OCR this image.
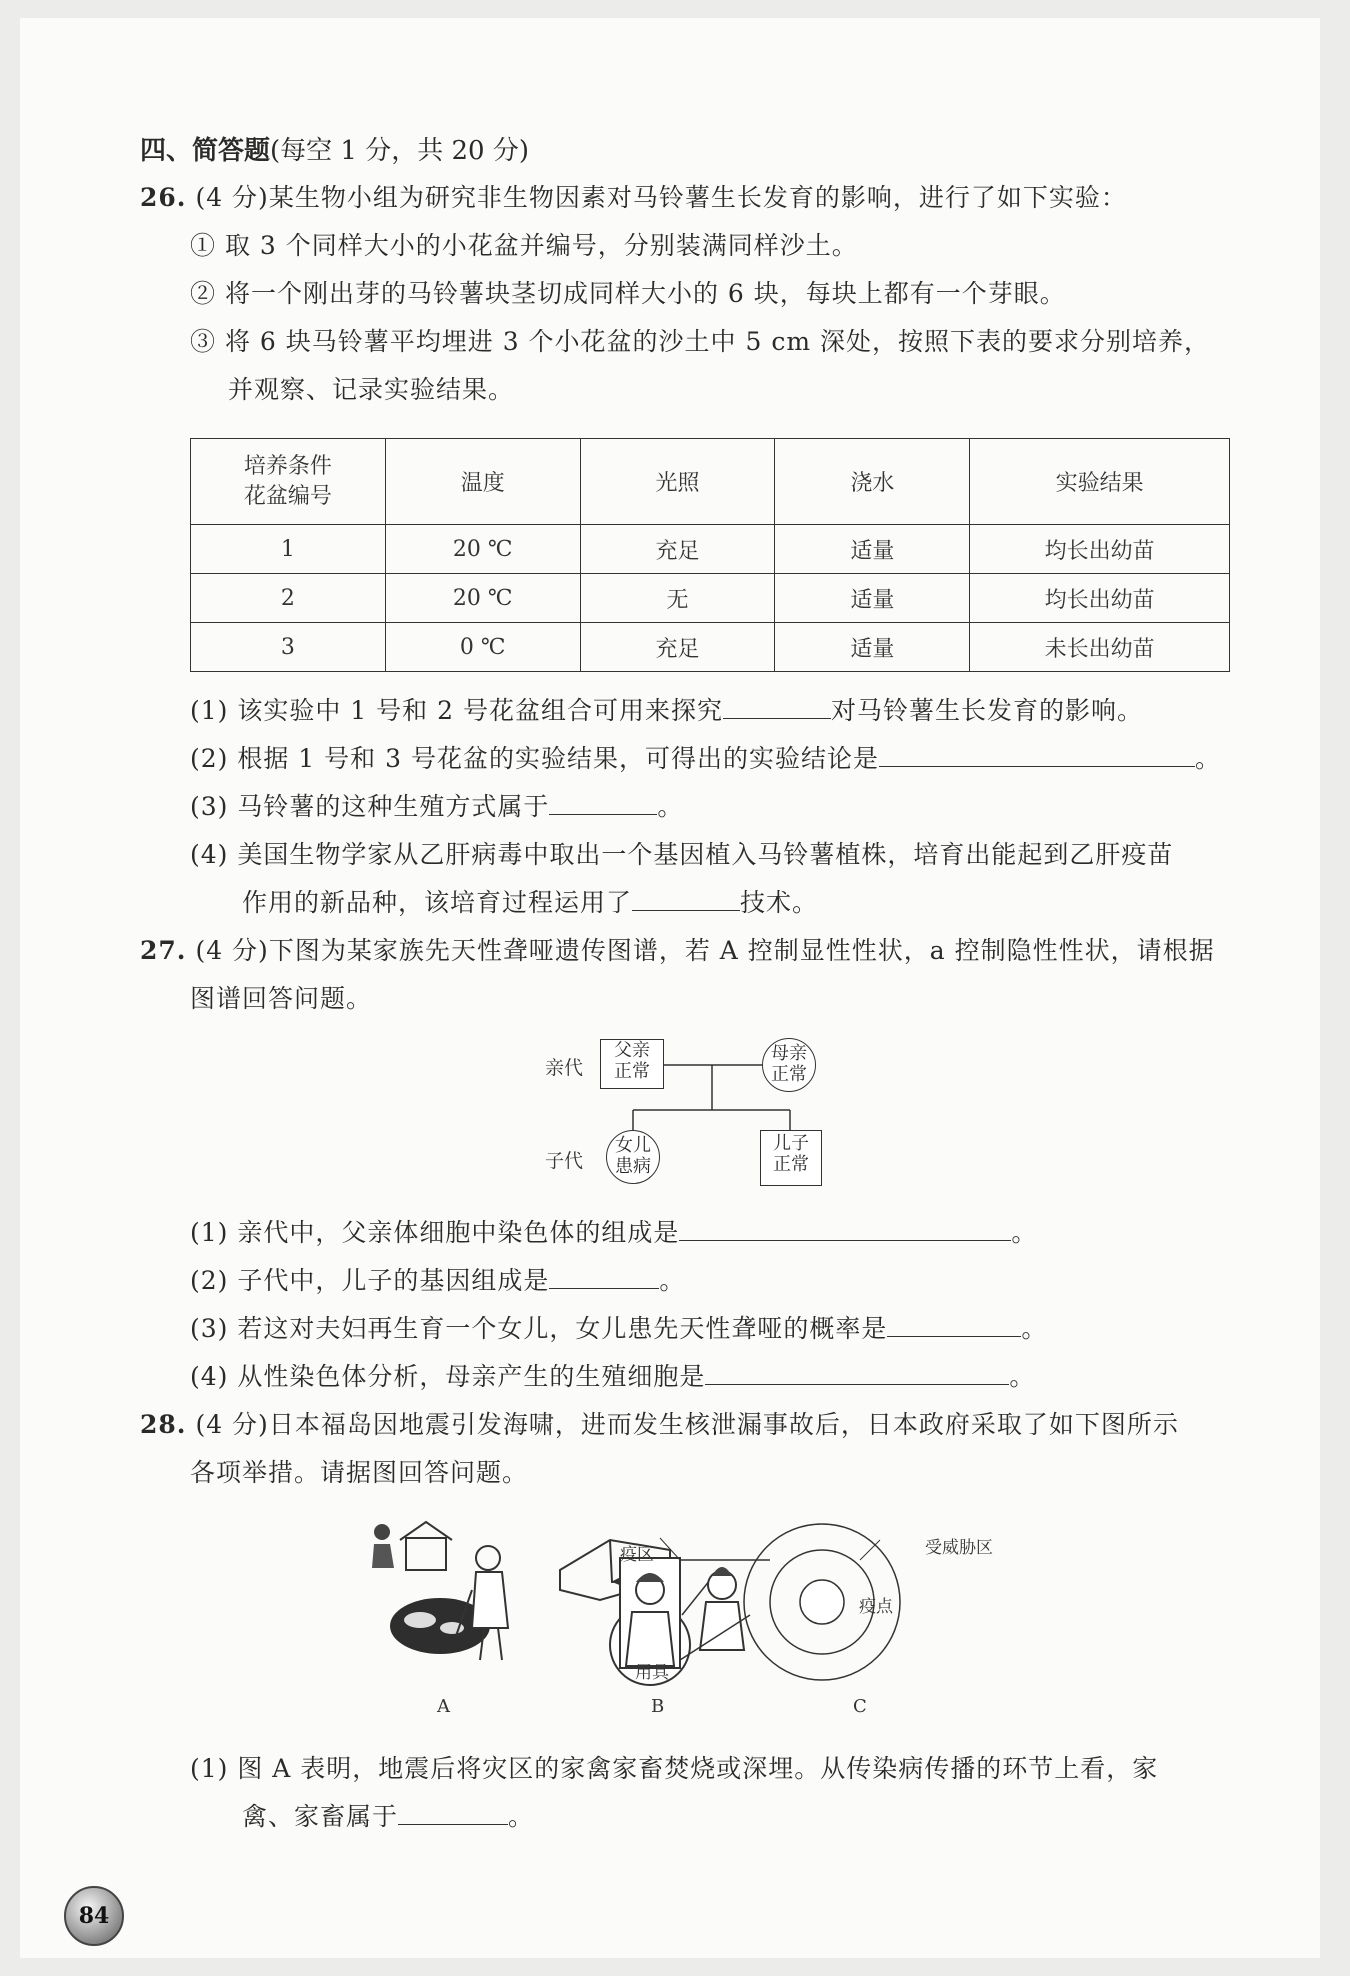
四、简答题(每空 1 分，共 20 分)
26. (4 分)某生物小组为研究非生物因素对马铃薯生长发育的影响，进行了如下实验：
① 取 3 个同样大小的小花盆并编号，分别装满同样沙土。
② 将一个刚出芽的马铃薯块茎切成同样大小的 6 块，每块上都有一个芽眼。
③ 将 6 块马铃薯平均埋进 3 个小花盆的沙土中 5 cm 深处，按照下表的要求分别培养，
并观察、记录实验结果。
培养条件
花盆编号	温度	光照	浇水	实验结果
1	20 ℃	充足	适量	均长出幼苗
2	20 ℃	无	适量	均长出幼苗
3	0 ℃	充足	适量	未长出幼苗
(1) 该实验中 1 号和 2 号花盆组合可用来探究	对马铃薯生长发育的影响。
(2) 根据 1 号和 3 号花盆的实验结果，可得出的实验结论是	。
(3) 马铃薯的这种生殖方式属于	。
(4) 美国生物学家从乙肝病毒中取出一个基因植入马铃薯植株，培育出能起到乙肝疫苗
作用的新品种，该培育过程运用了	技术。
27. (4 分)下图为某家族先天性聋哑遗传图谱，若 A 控制显性性状，a 控制隐性性状，请根据
图谱回答问题。
亲代
子代
父亲
正常
母亲
正常
女儿
患病
儿子
正常
(1) 亲代中，父亲体细胞中染色体的组成是	。
(2) 子代中，儿子的基因组成是	。
(3) 若这对夫妇再生育一个女儿，女儿患先天性聋哑的概率是	。
(4) 从性染色体分析，母亲产生的生殖细胞是	。
28. (4 分)日本福岛因地震引发海啸，进而发生核泄漏事故后，日本政府采取了如下图所示
各项举措。请据图回答问题。
疫区	受威胁区
疫点
用具
A	B	C
(1) 图 A 表明，地震后将灾区的家禽家畜焚烧或深埋。从传染病传播的环节上看，家
禽、家畜属于	。
84
